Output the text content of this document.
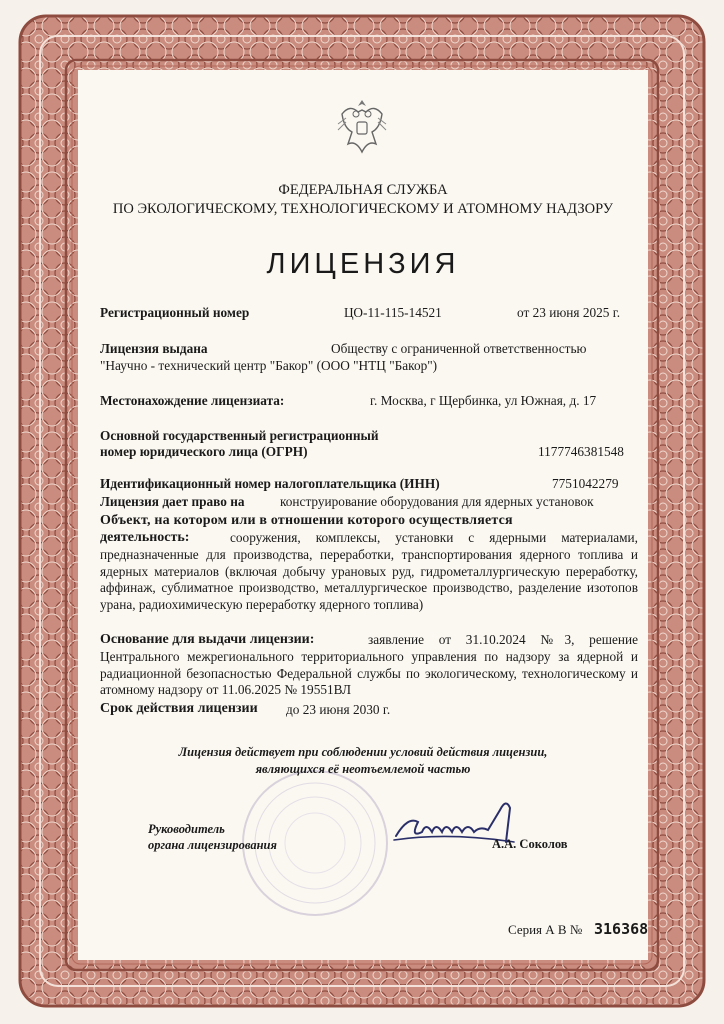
ФЕДЕРАЛЬНАЯ СЛУЖБА
ПО ЭКОЛОГИЧЕСКОМУ, ТЕХНОЛОГИЧЕСКОМУ И АТОМНОМУ НАДЗОРУ
ЛИЦЕНЗИЯ
Регистрационный номер	ЦО-11-115-14521	от 23 июня 2025 г.
Лицензия выдана	Обществу с ограниченной ответственностью
"Научно - технический центр "Бакор" (ООО "НТЦ "Бакор")
Местонахождение лицензиата:	г. Москва, г Щербинка, ул Южная, д. 17
Основной государственный регистрационный
номер юридического лица (ОГРН)	1177746381548
Идентификационный номер налогоплательщика (ИНН)	7751042279
Лицензия дает право на	конструирование оборудования для ядерных установок
Объект, на котором или в отношении которого осуществляется
деятельность:	сооружения, комплексы, установки с ядерными материалами, предназначенные для производства, переработки, транспортирования ядерного топлива и ядерных материалов (включая добычу урановых руд, гидрометаллургическую переработку, аффинаж, сублиматное производство, металлургическое производство, разделение изотопов урана, радиохимическую переработку ядерного топлива)
Основание для выдачи лицензии:	заявление от 31.10.2024 №3, решение Центрального межрегионального территориального управления по надзору за ядерной и радиационной безопасностью Федеральной службы по экологическому, технологическому и атомному надзору от 11.06.2025 № 19551ВЛ
Срок действия лицензии до 23 июня 2030 г.
Лицензия действует при соблюдении условий действия лицензии,
являющихся её неотъемлемой частью
Руководитель
органа лицензирования	А.А. Соколов
Серия А В № 316368
